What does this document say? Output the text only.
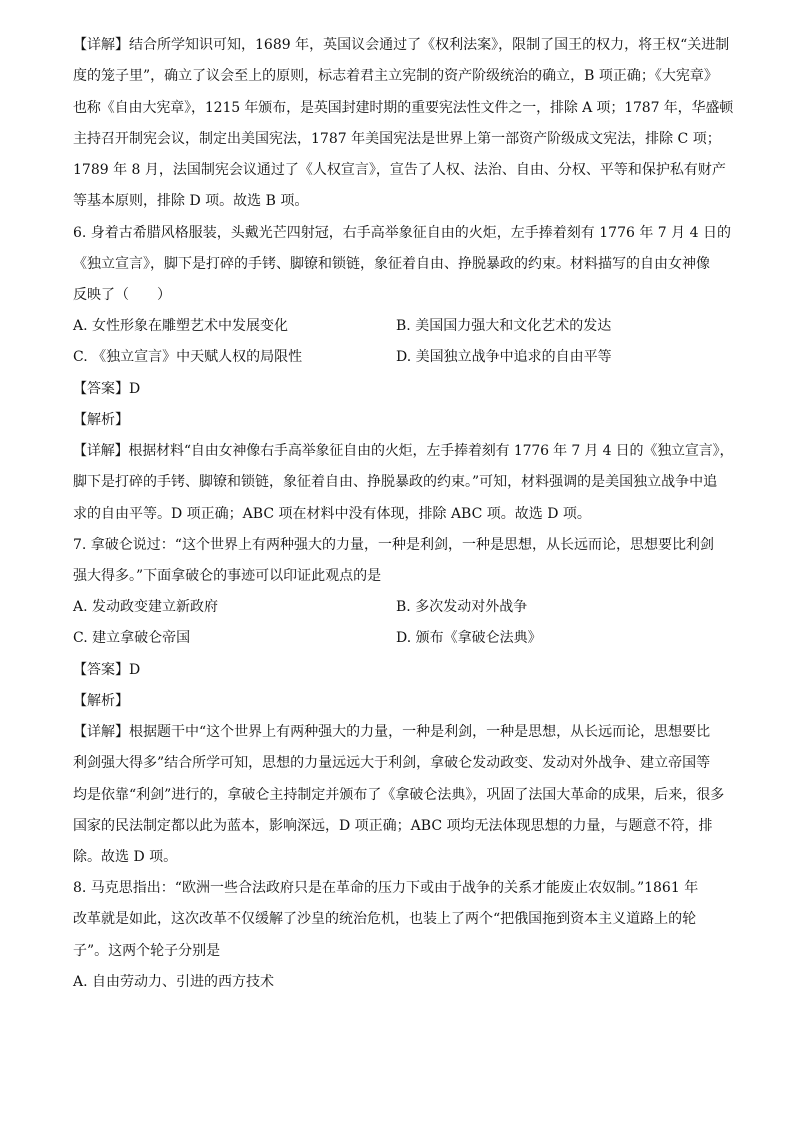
【详解】结合所学知识可知，1689 年，英国议会通过了《权利法案》，限制了国王的权力，将王权“关进制
度的笼子里”，确立了议会至上的原则，标志着君主立宪制的资产阶级统治的确立，B 项正确；《大宪章》
也称《自由大宪章》，1215 年颁布，是英国封建时期的重要宪法性文件之一，排除 A 项；1787 年，华盛顿
主持召开制宪会议，制定出美国宪法，1787 年美国宪法是世界上第一部资产阶级成文宪法，排除 C 项；
1789 年 8 月，法国制宪会议通过了《人权宣言》，宣告了人权、法治、自由、分权、平等和保护私有财产
等基本原则，排除 D 项。故选 B 项。
6. 身着古希腊风格服装，头戴光芒四射冠，右手高举象征自由的火炬，左手捧着刻有 1776 年 7 月 4 日的
《独立宣言》，脚下是打碎的手铐、脚镣和锁链，象征着自由、挣脱暴政的约束。材料描写的自由女神像
反映了（　　）
A. 女性形象在雕塑艺术中发展变化	B. 美国国力强大和文化艺术的发达
C. 《独立宣言》中天赋人权的局限性	D. 美国独立战争中追求的自由平等
【答案】D
【解析】
【详解】根据材料“自由女神像右手高举象征自由的火炬，左手捧着刻有 1776 年 7 月 4 日的《独立宣言》，
脚下是打碎的手铐、脚镣和锁链，象征着自由、挣脱暴政的约束。”可知，材料强调的是美国独立战争中追
求的自由平等。D 项正确；ABC 项在材料中没有体现，排除 ABC 项。故选 D 项。
7. 拿破仑说过：“这个世界上有两种强大的力量，一种是利剑，一种是思想，从长远而论，思想要比利剑
强大得多。”下面拿破仑的事迹可以印证此观点的是
A. 发动政变建立新政府	B. 多次发动对外战争
C. 建立拿破仑帝国	D. 颁布《拿破仑法典》
【答案】D
【解析】
【详解】根据题干中“这个世界上有两种强大的力量，一种是利剑，一种是思想，从长远而论，思想要比
利剑强大得多”结合所学可知，思想的力量远远大于利剑，拿破仑发动政变、发动对外战争、建立帝国等
均是依靠“利剑”进行的，拿破仑主持制定并颁布了《拿破仑法典》，巩固了法国大革命的成果，后来，很多
国家的民法制定都以此为蓝本，影响深远，D 项正确；ABC 项均无法体现思想的力量，与题意不符，排
除。故选 D 项。
8. 马克思指出：“欧洲一些合法政府只是在革命的压力下或由于战争的关系才能废止农奴制。”1861 年
改革就是如此，这次改革不仅缓解了沙皇的统治危机，也装上了两个“把俄国拖到资本主义道路上的轮
子”。这两个轮子分别是
A. 自由劳动力、引进的西方技术
